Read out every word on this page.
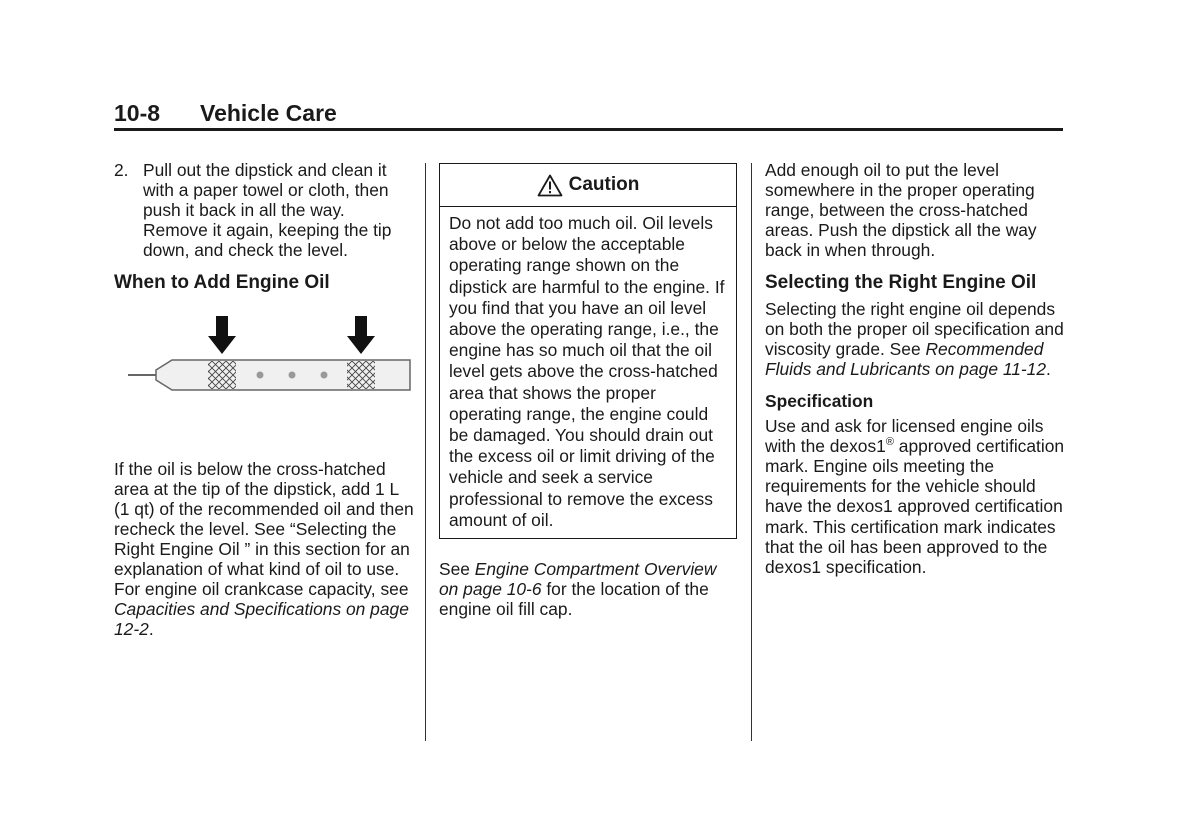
10-8 Vehicle Care
2. Pull out the dipstick and clean it with a paper towel or cloth, then push it back in all the way. Remove it again, keeping the tip down, and check the level.

When to Add Engine Oil

If the oil is below the cross-hatched area at the tip of the dipstick, add 1 L (1 qt) of the recommended oil and then recheck the level. See “Selecting the Right Engine Oil ” in this section for an explanation of what kind of oil to use. For engine oil crankcase capacity, see Capacities and Specifications on page 12-2.

Caution
Do not add too much oil. Oil levels above or below the acceptable operating range shown on the dipstick are harmful to the engine. If you find that you have an oil level above the operating range, i.e., the engine has so much oil that the oil level gets above the cross-hatched area that shows the proper operating range, the engine could be damaged. You should drain out the excess oil or limit driving of the vehicle and seek a service professional to remove the excess amount of oil.

See Engine Compartment Overview on page 10-6 for the location of the engine oil fill cap.

Add enough oil to put the level somewhere in the proper operating range, between the cross-hatched areas. Push the dipstick all the way back in when through.

Selecting the Right Engine Oil

Selecting the right engine oil depends on both the proper oil specification and viscosity grade. See Recommended Fluids and Lubricants on page 11-12.

Specification

Use and ask for licensed engine oils with the dexos1® approved certification mark. Engine oils meeting the requirements for the vehicle should have the dexos1 approved certification mark. This certification mark indicates that the oil has been approved to the dexos1 specification.
